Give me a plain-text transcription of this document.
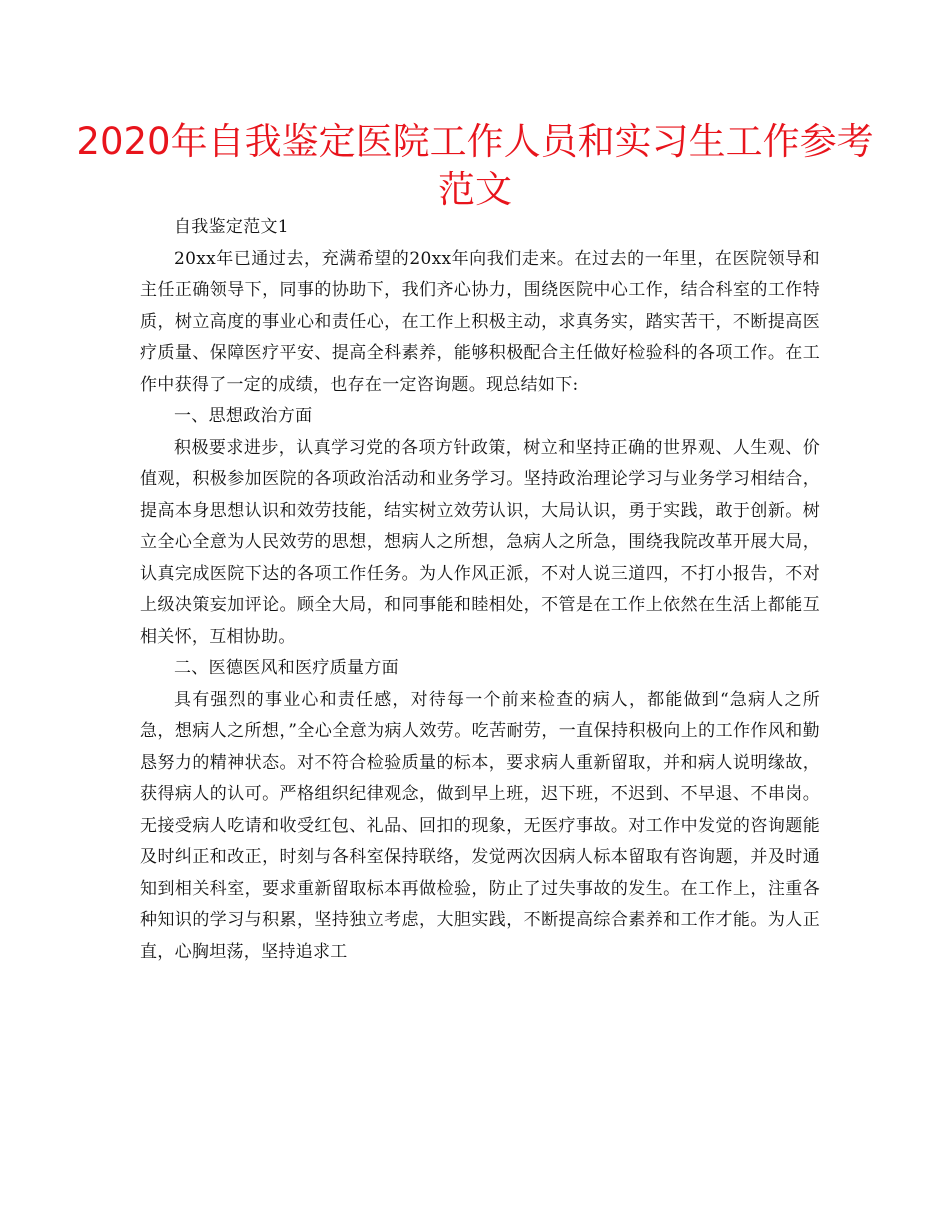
2020年自我鉴定医院工作人员和实习生工作参考范文

自我鉴定范文1

20xx年已通过去，充满希望的20xx年向我们走来。在过去的一年里，在医院领导和主任正确领导下，同事的协助下，我们齐心协力，围绕医院中心工作，结合科室的工作特质，树立高度的事业心和责任心，在工作上积极主动，求真务实，踏实苦干，不断提高医疗质量、保障医疗平安、提高全科素养，能够积极配合主任做好检验科的各项工作。在工作中获得了一定的成绩，也存在一定咨询题。现总结如下:

一、思想政治方面

积极要求进步，认真学习党的各项方针政策，树立和坚持正确的世界观、人生观、价值观，积极参加医院的各项政治活动和业务学习。坚持政治理论学习与业务学习相结合，提高本身思想认识和效劳技能，结实树立效劳认识，大局认识，勇于实践，敢于创新。树立全心全意为人民效劳的思想，想病人之所想，急病人之所急，围绕我院改革开展大局，认真完成医院下达的各项工作任务。为人作风正派，不对人说三道四，不打小报告，不对上级决策妄加评论。顾全大局，和同事能和睦相处，不管是在工作上依然在生活上都能互相关怀，互相协助。

二、医德医风和医疗质量方面

具有强烈的事业心和责任感，对待每一个前来检查的病人，都能做到“急病人之所急，想病人之所想，”全心全意为病人效劳。吃苦耐劳，一直保持积极向上的工作作风和勤恳努力的精神状态。对不符合检验质量的标本，要求病人重新留取，并和病人说明缘故，获得病人的认可。严格组织纪律观念，做到早上班，迟下班，不迟到、不早退、不串岗。无接受病人吃请和收受红包、礼品、回扣的现象，无医疗事故。对工作中发觉的咨询题能及时纠正和改正，时刻与各科室保持联络，发觉两次因病人标本留取有咨询题，并及时通知到相关科室，要求重新留取标本再做检验，防止了过失事故的发生。在工作上，注重各种知识的学习与积累，坚持独立考虑，大胆实践，不断提高综合素养和工作才能。为人正直，心胸坦荡，坚持追求工
